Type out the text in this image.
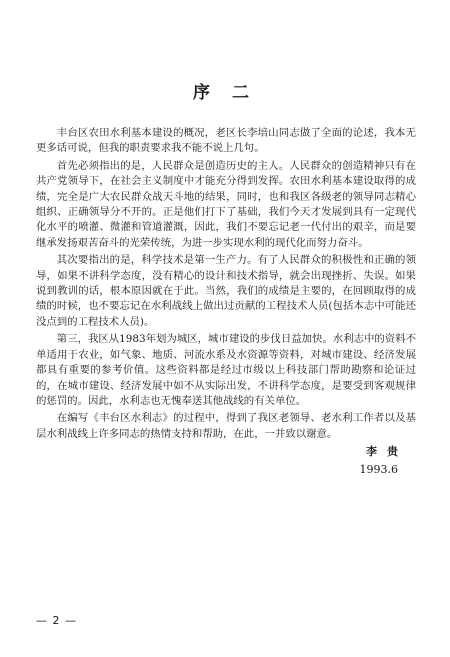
序 二

丰台区农田水利基本建设的概况，老区长李培山同志做了全面的论述，我本无更多话可说，但我的职责要求我不能不说上几句。

首先必须指出的是，人民群众是创造历史的主人。人民群众的创造精神只有在共产党领导下，在社会主义制度中才能充分得到发挥。农田水利基本建设取得的成绩，完全是广大农民群众战天斗地的结果，同时，也和我区各级老的领导同志精心组织、正确领导分不开的。正是他们打下了基础，我们今天才发展到具有一定现代化水平的喷灌、微灌和管道灌溉，因此，我们不要忘记老一代付出的艰辛，而是要继承发扬艰苦奋斗的光荣传统，为进一步实现水利的现代化而努力奋斗。

其次要指出的是，科学技术是第一生产力。有了人民群众的积极性和正确的领导，如果不讲科学态度，没有精心的设计和技术指导，就会出现挫折、失误。如果说到教训的话，根本原因就在于此。当然，我们的成绩是主要的，在回顾取得的成绩的时候，也不要忘记在水利战线上做出过贡献的工程技术人员(包括本志中可能还没点到的工程技术人员)。

第三，我区从1983年划为城区，城市建设的步伐日益加快。水利志中的资料不单适用于农业，如气象、地质、河流水系及水资源等资料，对城市建设、经济发展都具有重要的参考价值。这些资料都是经过市级以上科技部门帮助勘察和论证过的，在城市建设、经济发展中如不从实际出发，不讲科学态度，是要受到客观规律的惩罚的。因此，水利志也无愧奉送其他战线的有关单位。

在编写《丰台区水利志》的过程中，得到了我区老领导、老水利工作者以及基层水利战线上许多同志的热情支持和帮助，在此，一并致以谢意。

李贵
1993.6
— 2 —
